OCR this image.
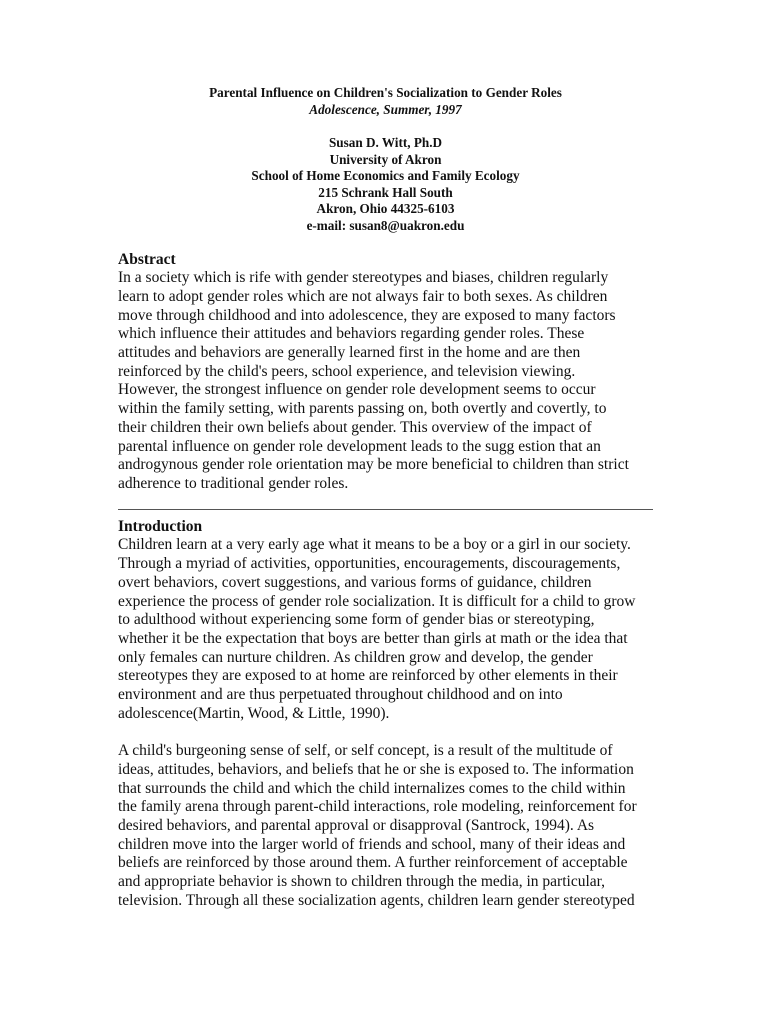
Parental Influence on Children's Socialization to Gender Roles
Adolescence, Summer, 1997
Susan D. Witt, Ph.D
University of Akron
School of Home Economics and Family Ecology
215 Schrank Hall South
Akron, Ohio 44325-6103
e-mail: susan8@uakron.edu
Abstract

In a society which is rife with gender stereotypes and biases, children regularly
learn to adopt gender roles which are not always fair to both sexes. As children
move through childhood and into adolescence, they are exposed to many factors
which influence their attitudes and behaviors regarding gender roles. These
attitudes and behaviors are generally learned first in the home and are then
reinforced by the child's peers, school experience, and television viewing.
However, the strongest influence on gender role development seems to occur
within the family setting, with parents passing on, both overtly and covertly, to
their children their own beliefs about gender. This overview of the impact of
parental influence on gender role development leads to the sugg estion that an
androgynous gender role orientation may be more beneficial to children than strict
adherence to traditional gender roles.

Introduction

Children learn at a very early age what it means to be a boy or a girl in our society.
Through a myriad of activities, opportunities, encouragements, discouragements,
overt behaviors, covert suggestions, and various forms of guidance, children
experience the process of gender role socialization. It is difficult for a child to grow
to adulthood without experiencing some form of gender bias or stereotyping,
whether it be the expectation that boys are better than girls at math or the idea that
only females can nurture children. As children grow and develop, the gender
stereotypes they are exposed to at home are reinforced by other elements in their
environment and are thus perpetuated throughout childhood and on into
adolescence(Martin, Wood, & Little, 1990).

A child's burgeoning sense of self, or self concept, is a result of the multitude of
ideas, attitudes, behaviors, and beliefs that he or she is exposed to. The information
that surrounds the child and which the child internalizes comes to the child within
the family arena through parent-child interactions, role modeling, reinforcement for
desired behaviors, and parental approval or disapproval (Santrock, 1994). As
children move into the larger world of friends and school, many of their ideas and
beliefs are reinforced by those around them. A further reinforcement of acceptable
and appropriate behavior is shown to children through the media, in particular,
television. Through all these socialization agents, children learn gender stereotyped
